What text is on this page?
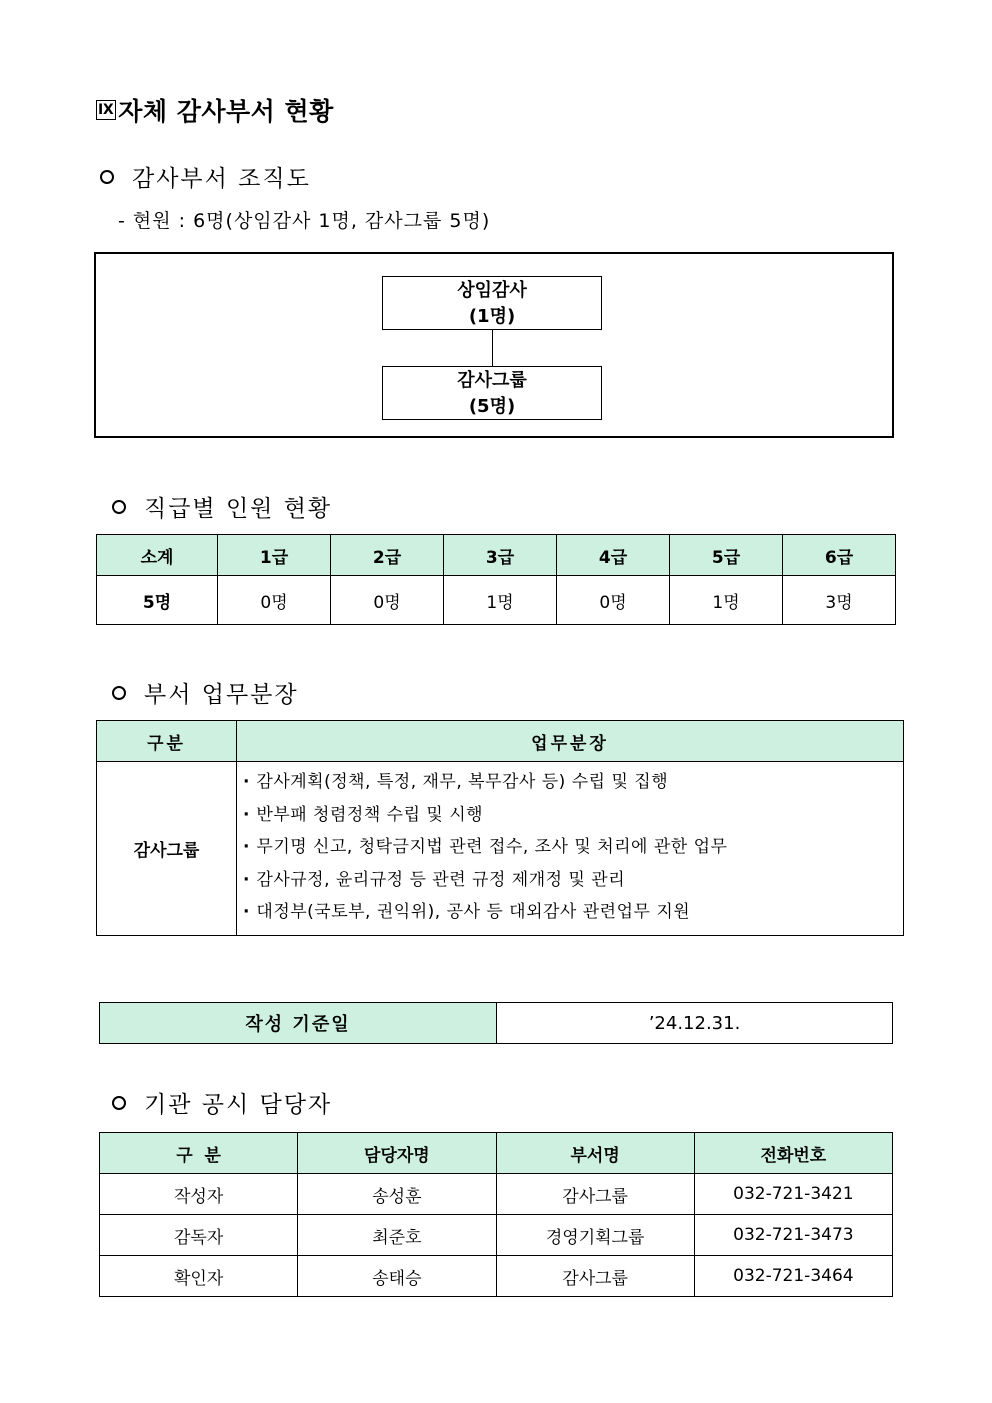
Ⅸ 자체 감사부서 현황
감사부서 조직도
- 현원 : 6명(상임감사 1명, 감사그룹 5명)
상임감사
(1명)
감사그룹
(5명)
직급별 인원 현황
소계	1급	2급	3급	4급	5급	6급
5명	0명	0명	1명	0명	1명	3명
부서 업무분장
구분	업무분장
감사그룹	· 감사계획(정책, 특정, 재무, 복무감사 등) 수립 및 집행
· 반부패 청렴정책 수립 및 시행
· 무기명 신고, 청탁금지법 관련 접수, 조사 및 처리에 관한 업무
· 감사규정, 윤리규정 등 관련 규정 제개정 및 관리
· 대정부(국토부, 권익위), 공사 등 대외감사 관련업무 지원
작성 기준일	’24.12.31.
기관 공시 담당자
구  분	담당자명	부서명	전화번호
작성자	송성훈	감사그룹	032-721-3421
감독자	최준호	경영기획그룹	032-721-3473
확인자	송태승	감사그룹	032-721-3464
